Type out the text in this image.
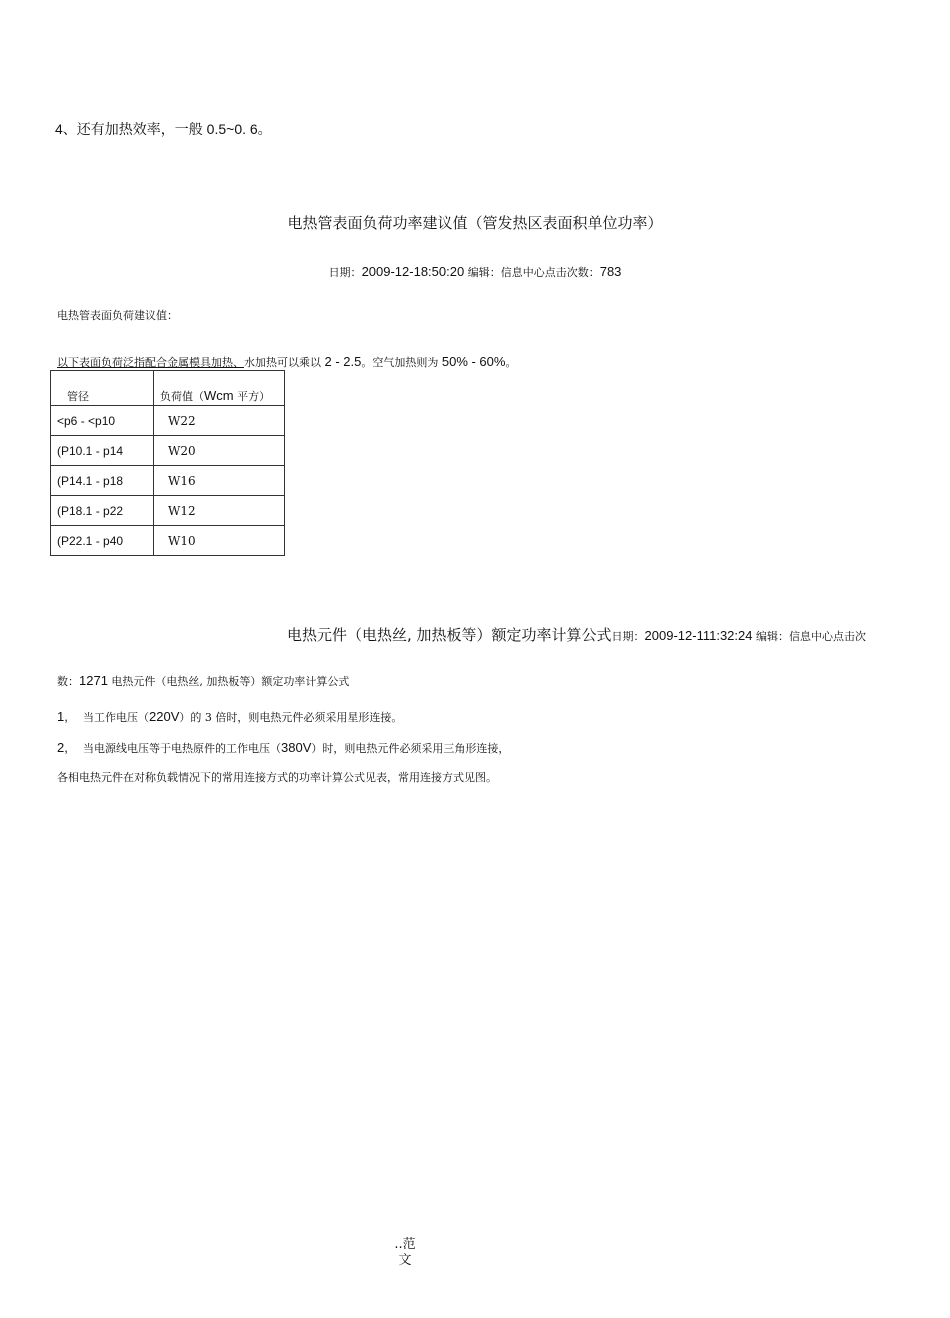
4、还有加热效率，一般 0.5~0. 6。
电热管表面负荷功率建议值（管发热区表面积单位功率）
日期：2009-12-18:50:20 编辑：信息中心点击次数：783
电热管表面负荷建议值：
以下表面负荷泛指配合金属模具加热、水加热可以乘以 2 - 2.5。空气加热则为 50% - 60%。
管径	负荷值（Wcm 平方）
<p6 - <p10	W22
(P10.1 - p14	W20
(P14.1 - p18	W16
(P18.1 - p22	W12
(P22.1 - p40	W10
电热元件（电热丝, 加热板等）额定功率计算公式日期：2009-12-111:32:24 编辑：信息中心点击次
数：1271 电热元件（电热丝, 加热板等）额定功率计算公式
1, 当工作电压（220V）的 3 倍时，则电热元件必须采用星形连接。
2, 当电源线电压等于电热原件的工作电压（380V）时，则电热元件必须采用三角形连接，
各相电热元件在对称负载情况下的常用连接方式的功率计算公式见表，常用连接方式见图。
..范
文
